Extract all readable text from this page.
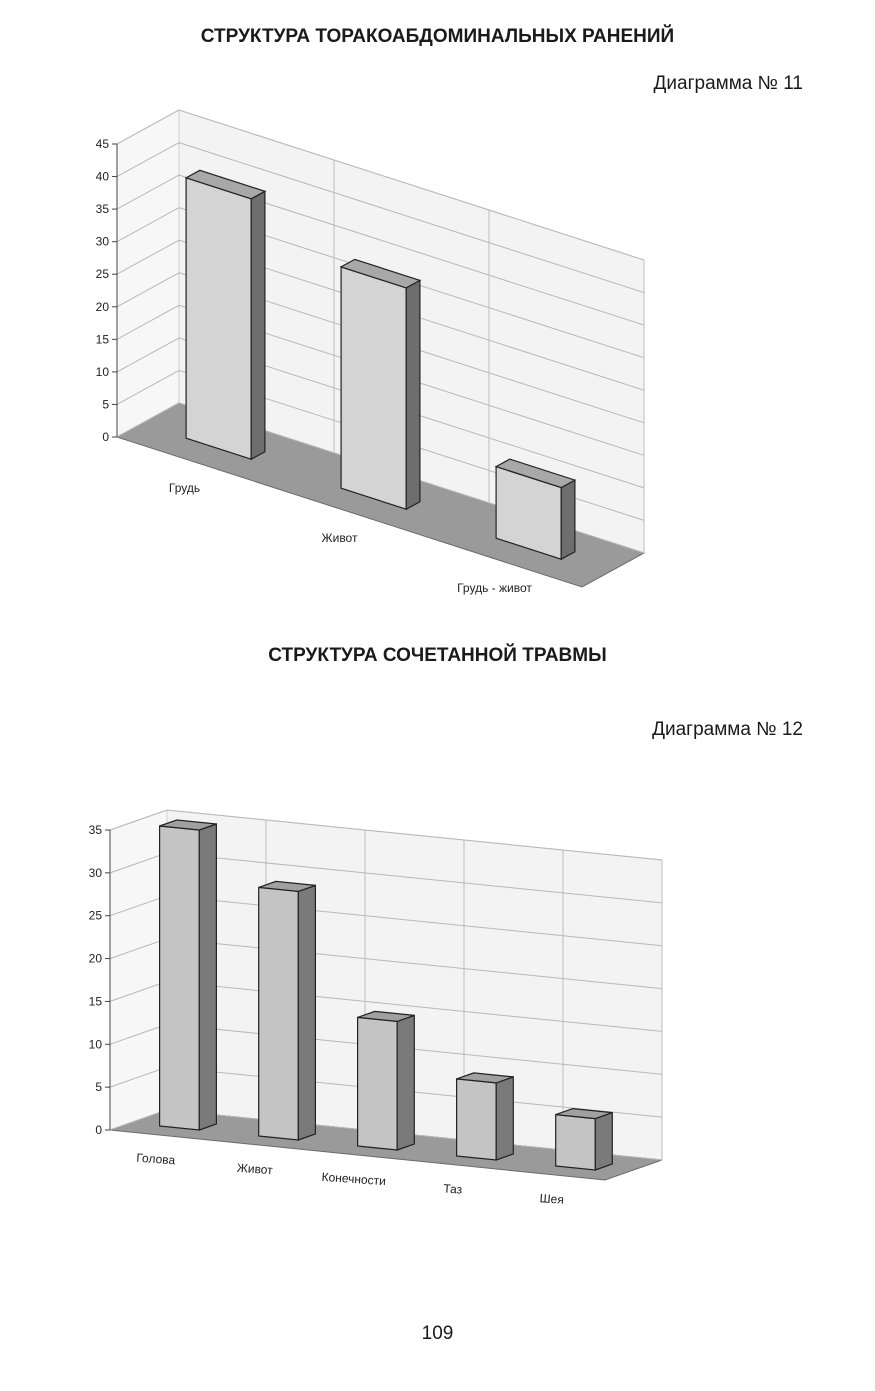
СТРУКТУРА ТОРАКОАБДОМИНАЛЬНЫХ РАНЕНИЙ
Диаграмма № 11
0
5
10
15
20
25
30
35
40
45
Грудь
Живот
Грудь - живот
СТРУКТУРА СОЧЕТАННОЙ ТРАВМЫ
Диаграмма № 12
0
5
10
15
20
25
30
35
Голова
Живот
Конечности
Таз
Шея
109
